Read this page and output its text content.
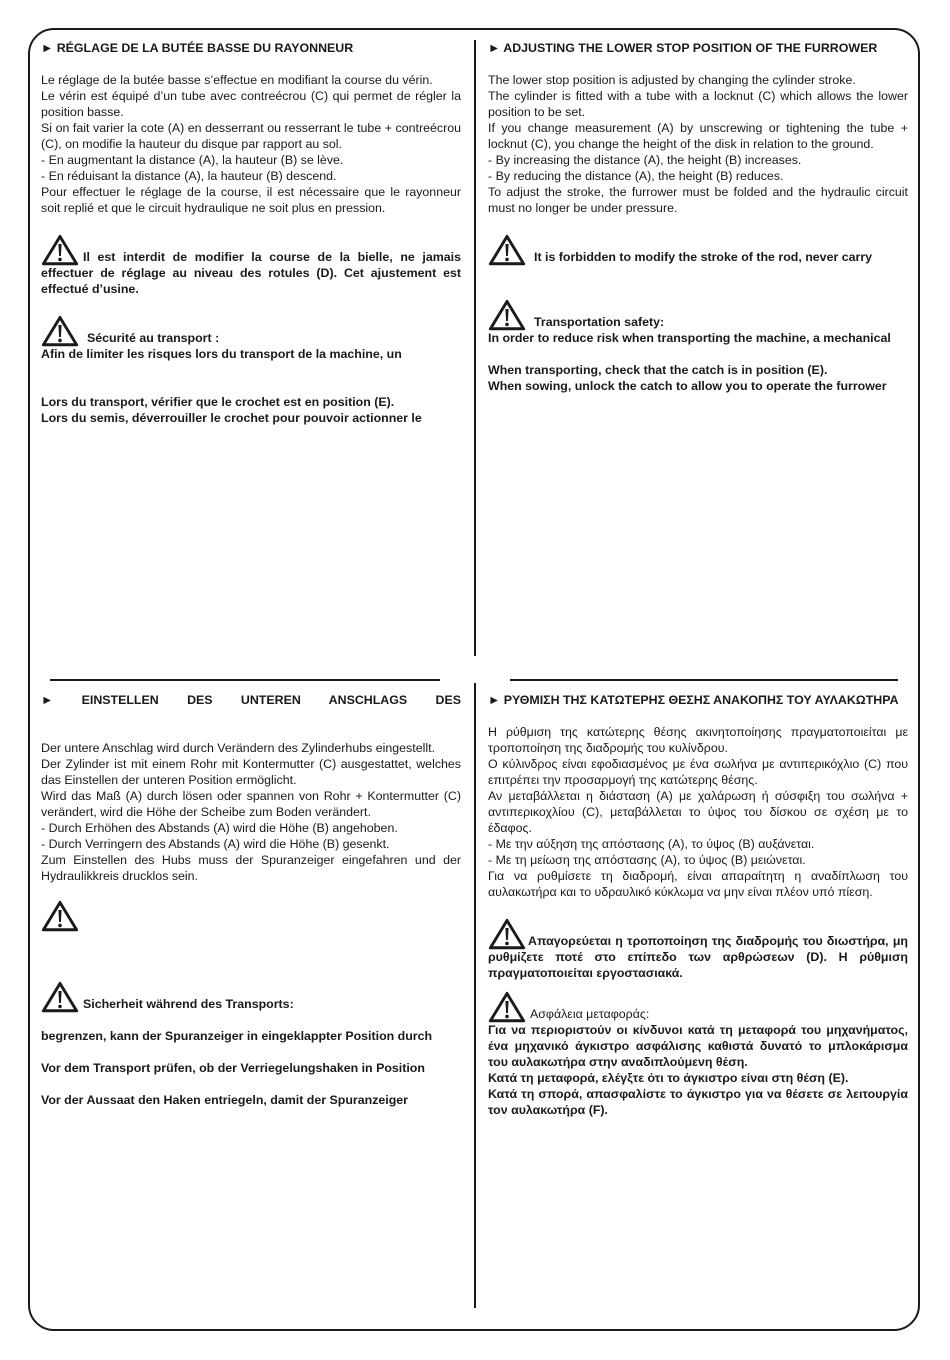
► RÉGLAGE DE LA BUTÉE BASSE DU RAYONNEUR

Le réglage de la butée basse s’effectue en modifiant la course du vérin.

Le vérin est équipé d’un tube avec contreécrou (C) qui permet de régler la position basse.

Si on fait varier la cote (A) en desserrant ou resserrant le tube + contreécrou (C), on modifie la hauteur du disque par rapport au sol.

- En augmentant la distance (A), la hauteur (B) se lève.

- En réduisant la distance (A), la hauteur (B) descend.

Pour effectuer le réglage de la course, il est nécessaire que le rayonneur soit replié et que le circuit hydraulique ne soit plus en pression.

Il est interdit de modifier la course de la bielle, ne jamais effectuer de réglage au niveau des rotules (D). Cet ajustement est effectué d’usine.

Sécurité au transport :

Afin de limiter les risques lors du transport de la machine, un

Lors du transport, vérifier que le crochet est en position (E).

Lors du semis, déverrouiller le crochet pour pouvoir actionner le

► ADJUSTING THE LOWER STOP POSITION OF THE FURROWER

The lower stop position is adjusted by changing the cylinder stroke.

The cylinder is fitted with a tube with a locknut (C) which allows the lower position to be set.

If you change measurement (A) by unscrewing or tightening the tube + locknut (C), you change the height of the disk in relation to the ground.

- By increasing the distance (A), the height (B) increases.

- By reducing the distance (A), the height (B) reduces.

To adjust the stroke, the furrower must be folded and the hydraulic circuit must no longer be under pressure.

It is forbidden to modify the stroke of the rod, never carry
Transportation safety:

In order to reduce risk when transporting the machine, a mechanical

When transporting, check that the catch is in position (E).

When sowing, unlock the catch to allow you to operate the furrower

► EINSTELLEN DES UNTEREN ANSCHLAGS DES

Der untere Anschlag wird durch Verändern des Zylinderhubs eingestellt.

Der Zylinder ist mit einem Rohr mit Kontermutter (C) ausgestattet, welches das Einstellen der unteren Position ermöglicht.

Wird das Maß (A) durch lösen oder spannen von Rohr + Kontermutter (C) verändert, wird die Höhe der Scheibe zum Boden verändert.

- Durch Erhöhen des Abstands (A) wird die Höhe (B) angehoben.

- Durch Verringern des Abstands (A) wird die Höhe (B) gesenkt.

Zum Einstellen des Hubs muss der Spuranzeiger eingefahren und der Hydraulikkreis drucklos sein.

Sicherheit während des Transports:

begrenzen, kann der Spuranzeiger in eingeklappter Position durch

Vor dem Transport prüfen, ob der Verriegelungshaken in Position

Vor der Aussaat den Haken entriegeln, damit der Spuranzeiger

► ΡΥΘΜΙΣΗ ΤΗΣ ΚΑΤΩΤΕΡΗΣ ΘΕΣΗΣ ΑΝΑΚΟΠΗΣ ΤΟΥ ΑΥΛΑΚΩΤΗΡΑ

Η ρύθμιση της κατώτερης θέσης ακινητοποίησης πραγματοποιείται με τροποποίηση της διαδρομής του κυλίνδρου.

Ο κύλινδρος είναι εφοδιασμένος με ένα σωλήνα με αντιπερικόχλιο (C) που επιτρέπει την προσαρμογή της κατώτερης θέσης.

Αν μεταβάλλεται η διάσταση (A) με χαλάρωση ή σύσφιξη του σωλήνα + αντιπερικοχλίου (C), μεταβάλλεται το ύψος του δίσκου σε σχέση με το έδαφος.

- Με την αύξηση της απόστασης (A), το ύψος (B) αυξάνεται.

- Με τη μείωση της απόστασης (A), το ύψος (B) μειώνεται.

Για να ρυθμίσετε τη διαδρομή, είναι απαραίτητη η αναδίπλωση του αυλακωτήρα και το υδραυλικό κύκλωμα να μην είναι πλέον υπό πίεση.

Απαγορεύεται η τροποποίηση της διαδρομής του διωστήρα, μη ρυθμίζετε ποτέ στο επίπεδο των αρθρώσεων (D). Η ρύθμιση πραγματοποιείται εργοστασιακά.

Ασφάλεια μεταφοράς:

Για να περιοριστούν οι κίνδυνοι κατά τη μεταφορά του μηχανήματος, ένα μηχανικό άγκιστρο ασφάλισης καθιστά δυνατό το μπλοκάρισμα του αυλακωτήρα στην αναδιπλούμενη θέση.

Κατά τη μεταφορά, ελέγξτε ότι το άγκιστρο είναι στη θέση (E).

Κατά τη σπορά, απασφαλίστε το άγκιστρο για να θέσετε σε λειτουργία τον αυλακωτήρα (F).
